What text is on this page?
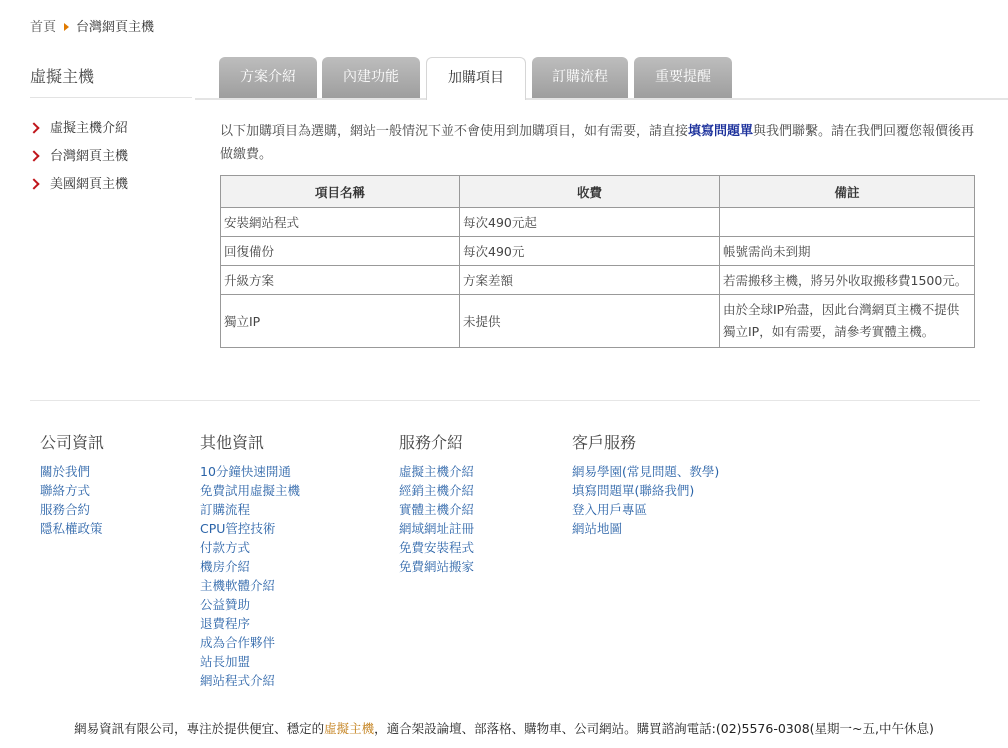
首頁 台灣網頁主機
虛擬主機
虛擬主機介紹
台灣網頁主機
美國網頁主機
方案介紹	內建功能	加購項目	訂購流程	重要提醒
以下加購項目為選購，網站一般情況下並不會使用到加購項目，如有需要，請直接填寫問題單與我們聯繫。請在我們回覆您報價後再做繳費。
項目名稱	收費	備註
安裝網站程式	每次490元起	
回復備份	每次490元	帳號需尚未到期
升級方案	方案差額	若需搬移主機，將另外收取搬移費1500元。
獨立IP	未提供	由於全球IP殆盡，因此台灣網頁主機不提供獨立IP，如有需要，請參考實體主機。
公司資訊
關於我們
聯絡方式
服務合約
隱私權政策
其他資訊
10分鐘快速開通
免費試用虛擬主機
訂購流程
CPU管控技術
付款方式
機房介紹
主機軟體介紹
公益贊助
退費程序
成為合作夥伴
站長加盟
網站程式介紹
服務介紹
虛擬主機介紹
經銷主機介紹
實體主機介紹
網域網址註冊
免費安裝程式
免費網站搬家
客戶服務
網易學園(常見問題、教學)
填寫問題單(聯絡我們)
登入用戶專區
網站地圖
網易資訊有限公司，專注於提供便宜、穩定的虛擬主機，適合架設論壇、部落格、購物車、公司網站。購買諮詢電話:(02)5576-0308(星期一~五,中午休息)
